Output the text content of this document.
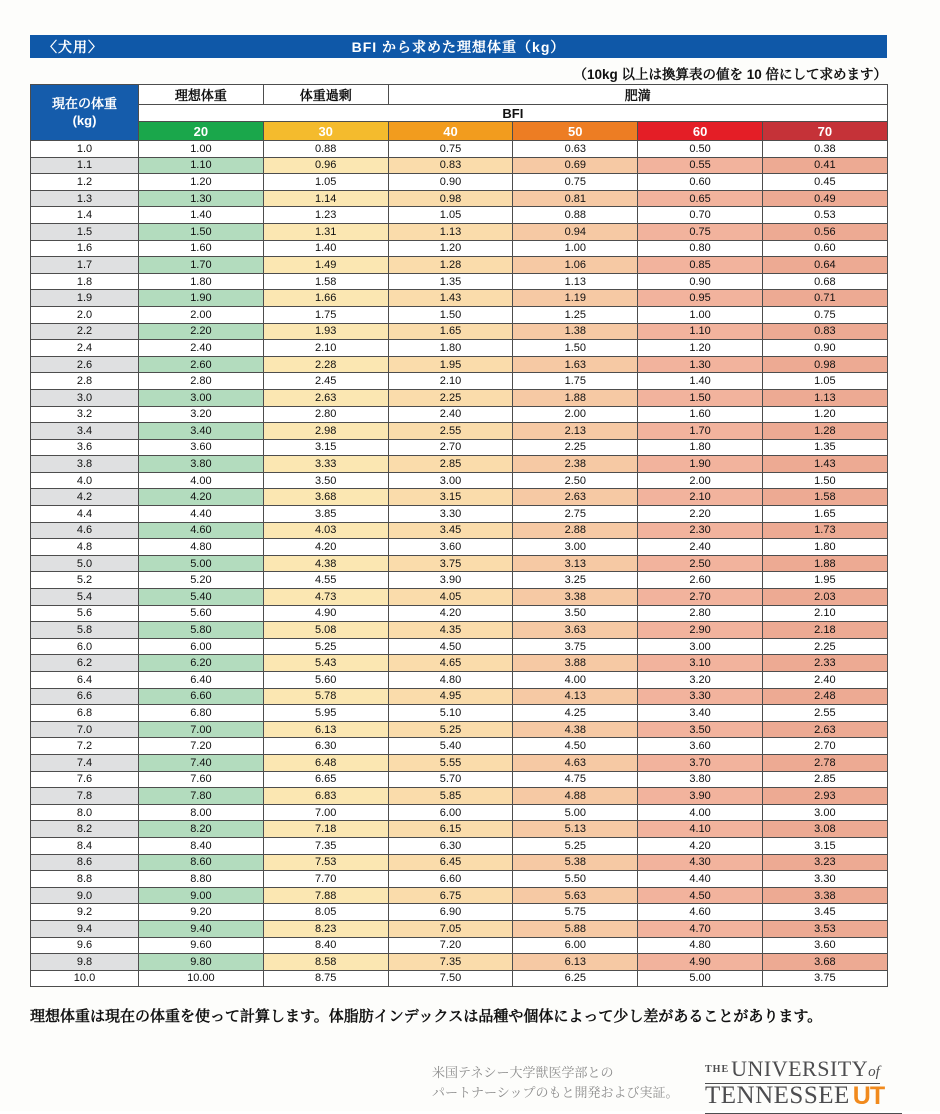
〈犬用〉	BFI から求めた理想体重（kg）
（10kg 以上は換算表の値を 10 倍にして求めます）
現在の体重
(kg)	理想体重	体重過剰	肥満			
	BFI					
	20	30	40	50	60	70
1.0	1.00	0.88	0.75	0.63	0.50	0.38
1.1	1.10	0.96	0.83	0.69	0.55	0.41
1.2	1.20	1.05	0.90	0.75	0.60	0.45
1.3	1.30	1.14	0.98	0.81	0.65	0.49
1.4	1.40	1.23	1.05	0.88	0.70	0.53
1.5	1.50	1.31	1.13	0.94	0.75	0.56
1.6	1.60	1.40	1.20	1.00	0.80	0.60
1.7	1.70	1.49	1.28	1.06	0.85	0.64
1.8	1.80	1.58	1.35	1.13	0.90	0.68
1.9	1.90	1.66	1.43	1.19	0.95	0.71
2.0	2.00	1.75	1.50	1.25	1.00	0.75
2.2	2.20	1.93	1.65	1.38	1.10	0.83
2.4	2.40	2.10	1.80	1.50	1.20	0.90
2.6	2.60	2.28	1.95	1.63	1.30	0.98
2.8	2.80	2.45	2.10	1.75	1.40	1.05
3.0	3.00	2.63	2.25	1.88	1.50	1.13
3.2	3.20	2.80	2.40	2.00	1.60	1.20
3.4	3.40	2.98	2.55	2.13	1.70	1.28
3.6	3.60	3.15	2.70	2.25	1.80	1.35
3.8	3.80	3.33	2.85	2.38	1.90	1.43
4.0	4.00	3.50	3.00	2.50	2.00	1.50
4.2	4.20	3.68	3.15	2.63	2.10	1.58
4.4	4.40	3.85	3.30	2.75	2.20	1.65
4.6	4.60	4.03	3.45	2.88	2.30	1.73
4.8	4.80	4.20	3.60	3.00	2.40	1.80
5.0	5.00	4.38	3.75	3.13	2.50	1.88
5.2	5.20	4.55	3.90	3.25	2.60	1.95
5.4	5.40	4.73	4.05	3.38	2.70	2.03
5.6	5.60	4.90	4.20	3.50	2.80	2.10
5.8	5.80	5.08	4.35	3.63	2.90	2.18
6.0	6.00	5.25	4.50	3.75	3.00	2.25
6.2	6.20	5.43	4.65	3.88	3.10	2.33
6.4	6.40	5.60	4.80	4.00	3.20	2.40
6.6	6.60	5.78	4.95	4.13	3.30	2.48
6.8	6.80	5.95	5.10	4.25	3.40	2.55
7.0	7.00	6.13	5.25	4.38	3.50	2.63
7.2	7.20	6.30	5.40	4.50	3.60	2.70
7.4	7.40	6.48	5.55	4.63	3.70	2.78
7.6	7.60	6.65	5.70	4.75	3.80	2.85
7.8	7.80	6.83	5.85	4.88	3.90	2.93
8.0	8.00	7.00	6.00	5.00	4.00	3.00
8.2	8.20	7.18	6.15	5.13	4.10	3.08
8.4	8.40	7.35	6.30	5.25	4.20	3.15
8.6	8.60	7.53	6.45	5.38	4.30	3.23
8.8	8.80	7.70	6.60	5.50	4.40	3.30
9.0	9.00	7.88	6.75	5.63	4.50	3.38
9.2	9.20	8.05	6.90	5.75	4.60	3.45
9.4	9.40	8.23	7.05	5.88	4.70	3.53
9.6	9.60	8.40	7.20	6.00	4.80	3.60
9.8	9.80	8.58	7.35	6.13	4.90	3.68
10.0	10.00	8.75	7.50	6.25	5.00	3.75
理想体重は現在の体重を使って計算します。体脂肪インデックスは品種や個体によって少し差があることがあります。
米国テネシー大学獣医学部との
パートナーシップのもと開発および実証。
$^{THE}$UNIVERSITYof
TENNESSEE UT
